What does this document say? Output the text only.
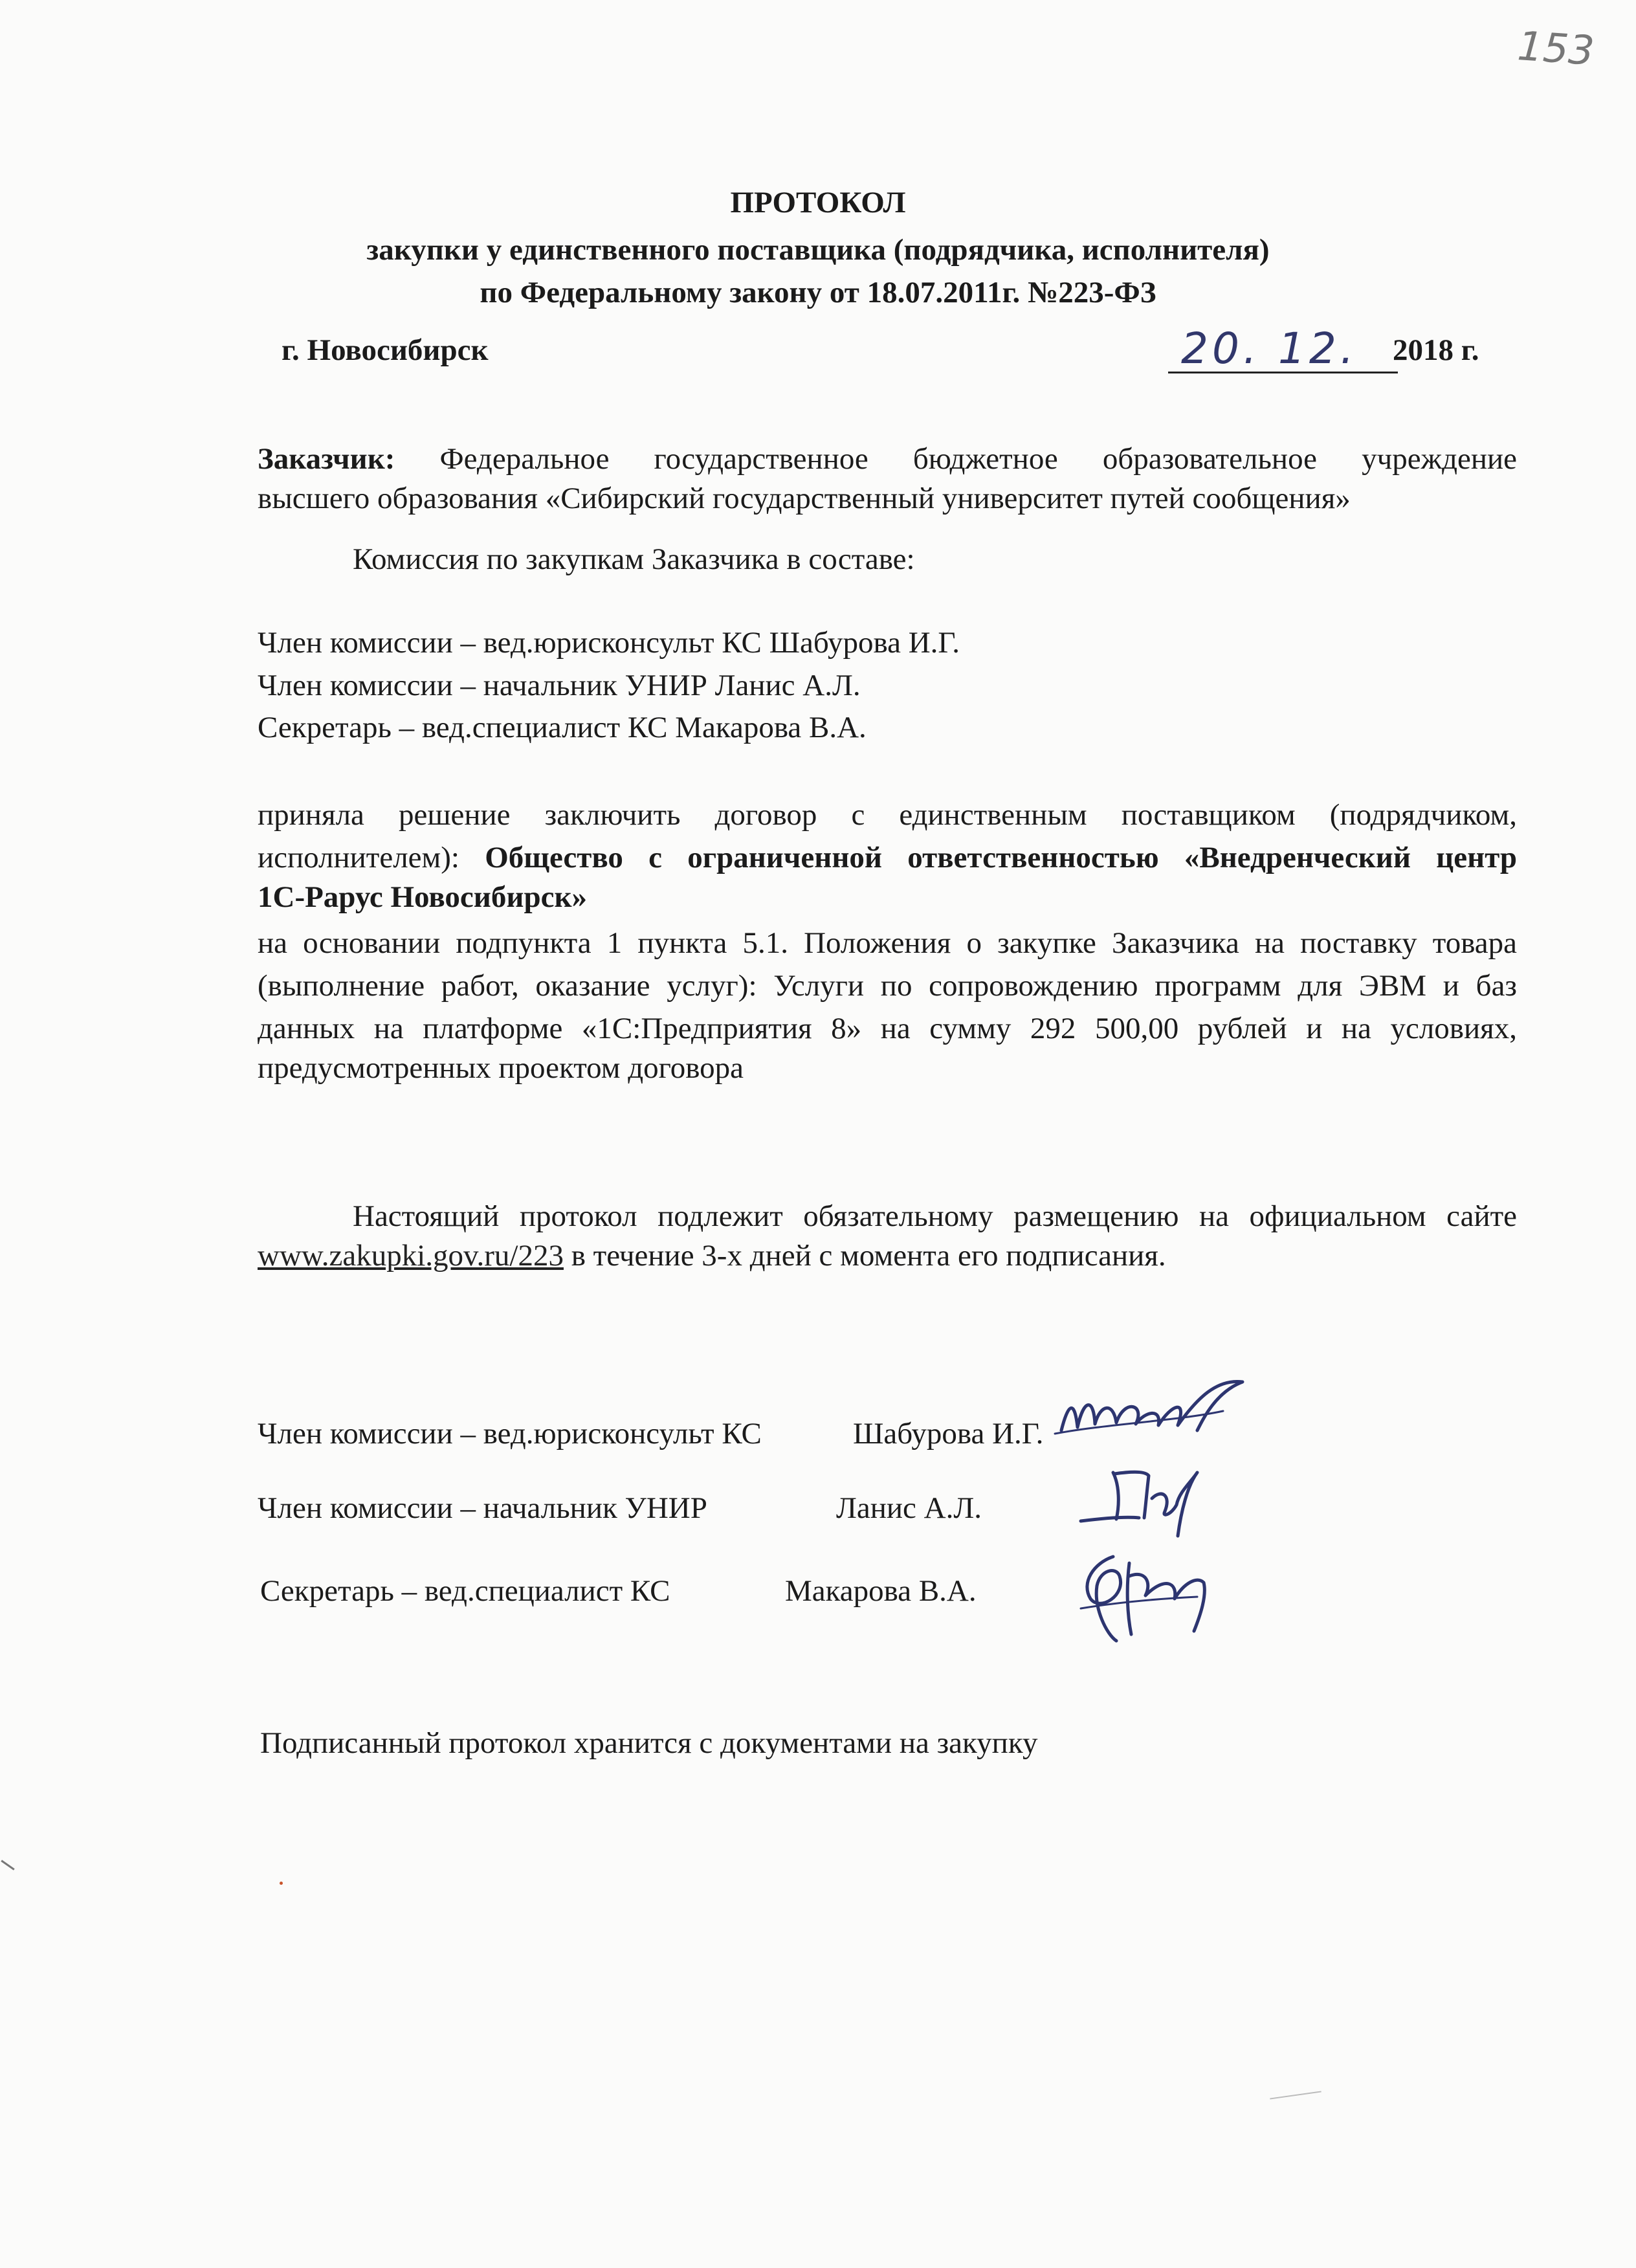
153
ПРОТОКОЛ
закупки у единственного поставщика (подрядчика, исполнителя)
по Федеральному закону от 18.07.2011г. №223-ФЗ
г. Новосибирск	20. 12. 2018 г.
Заказчик: Федеральное государственное бюджетное образовательное учреждение
высшего образования «Сибирский государственный университет путей сообщения»
Комиссия по закупкам Заказчика в составе:
Член комиссии – вед.юрисконсульт КС Шабурова И.Г.
Член комиссии – начальник УНИР Ланис А.Л.
Секретарь – вед.специалист КС Макарова В.А.
приняла решение заключить договор с единственным поставщиком (подрядчиком,
исполнителем): Общество с ограниченной ответственностью «Внедренческий центр
1С-Рарус Новосибирск»
на основании подпункта 1 пункта 5.1. Положения о закупке Заказчика на поставку товара
(выполнение работ, оказание услуг): Услуги по сопровождению программ для ЭВМ и баз
данных на платформе «1С:Предприятия 8» на сумму 292 500,00 рублей и на условиях,
предусмотренных проектом договора
Настоящий протокол подлежит обязательному размещению на официальном сайте
www.zakupki.gov.ru/223 в течение 3-х дней с момента его подписания.
Член комиссии – вед.юрисконсульт КС	Шабурова И.Г.
Член комиссии – начальник УНИР	Ланис А.Л.
Секретарь – вед.специалист КС	Макарова В.А.
Подписанный протокол хранится с документами на закупку
